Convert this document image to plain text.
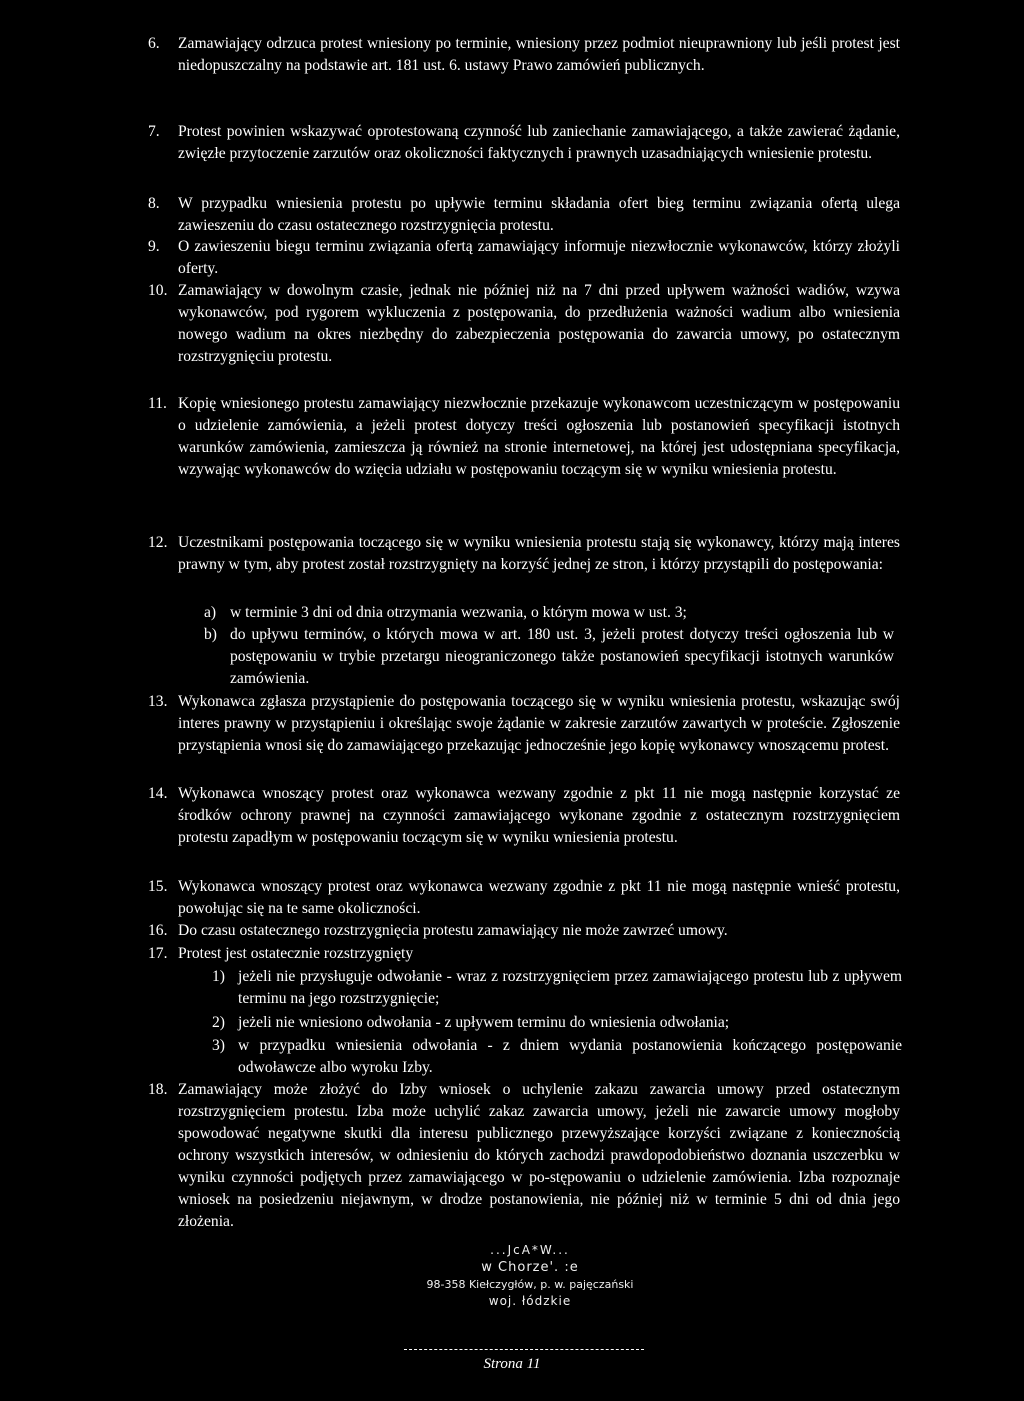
6. Zamawiający odrzuca protest wniesiony po terminie, wniesiony przez podmiot nieuprawniony lub jeśli protest jest niedopuszczalny na podstawie art. 181 ust. 6. ustawy Prawo zamówień publicznych.
7. Protest powinien wskazywać oprotestowaną czynność lub zaniechanie zamawiającego, a także zawierać żądanie, zwięzłe przytoczenie zarzutów oraz okoliczności faktycznych i prawnych uzasadniających wniesienie protestu.
8. W przypadku wniesienia protestu po upływie terminu składania ofert bieg terminu związania ofertą ulega zawieszeniu do czasu ostatecznego rozstrzygnięcia protestu.
9. O zawieszeniu biegu terminu związania ofertą zamawiający informuje niezwłocznie wykonawców, którzy złożyli oferty.
10. Zamawiający w dowolnym czasie, jednak nie później niż na 7 dni przed upływem ważności wadiów, wzywa wykonawców, pod rygorem wykluczenia z postępowania, do przedłużenia ważności wadium albo wniesienia nowego wadium na okres niezbędny do zabezpieczenia postępowania do zawarcia umowy, po ostatecznym rozstrzygnięciu protestu.
11. Kopię wniesionego protestu zamawiający niezwłocznie przekazuje wykonawcom uczestniczącym w postępowaniu o udzielenie zamówienia, a jeżeli protest dotyczy treści ogłoszenia lub postanowień specyfikacji istotnych warunków zamówienia, zamieszcza ją również na stronie internetowej, na której jest udostępniana specyfikacja, wzywając wykonawców do wzięcia udziału w postępowaniu toczącym się w wyniku wniesienia protestu.
12. Uczestnikami postępowania toczącego się w wyniku wniesienia protestu stają się wykonawcy, którzy mają interes prawny w tym, aby protest został rozstrzygnięty na korzyść jednej ze stron, i którzy przystąpili do postępowania:
a) w terminie 3 dni od dnia otrzymania wezwania, o którym mowa w ust. 3;
b) do upływu terminów, o których mowa w art. 180 ust. 3, jeżeli protest dotyczy treści ogłoszenia lub w postępowaniu w trybie przetargu nieograniczonego także postanowień specyfikacji istotnych warunków zamówienia.
13. Wykonawca zgłasza przystąpienie do postępowania toczącego się w wyniku wniesienia protestu, wskazując swój interes prawny w przystąpieniu i określając swoje żądanie w zakresie zarzutów zawartych w proteście. Zgłoszenie przystąpienia wnosi się do zamawiającego przekazując jednocześnie jego kopię wykonawcy wnoszącemu protest.
14. Wykonawca wnoszący protest oraz wykonawca wezwany zgodnie z pkt 11 nie mogą następnie korzystać ze środków ochrony prawnej na czynności zamawiającego wykonane zgodnie z ostatecznym rozstrzygnięciem protestu zapadłym w postępowaniu toczącym się w wyniku wniesienia protestu.
15. Wykonawca wnoszący protest oraz wykonawca wezwany zgodnie z pkt 11 nie mogą następnie wnieść protestu, powołując się na te same okoliczności.
16. Do czasu ostatecznego rozstrzygnięcia protestu zamawiający nie może zawrzeć umowy.
17. Protest jest ostatecznie rozstrzygnięty
1) jeżeli nie przysługuje odwołanie - wraz z rozstrzygnięciem przez zamawiającego protestu lub z upływem terminu na jego rozstrzygnięcie;
2) jeżeli nie wniesiono odwołania - z upływem terminu do wniesienia odwołania;
3) w przypadku wniesienia odwołania - z dniem wydania postanowienia kończącego postępowanie odwoławcze albo wyroku Izby.
18. Zamawiający może złożyć do Izby wniosek o uchylenie zakazu zawarcia umowy przed ostatecznym rozstrzygnięciem protestu. Izba może uchylić zakaz zawarcia umowy, jeżeli nie zawarcie umowy mogłoby spowodować negatywne skutki dla interesu publicznego przewyższające korzyści związane z koniecznością ochrony wszystkich interesów, w odniesieniu do których zachodzi prawdopodobieństwo doznania uszczerbku w wyniku czynności podjętych przez zamawiającego w po-stępowaniu o udzielenie zamówienia. Izba rozpoznaje wniosek na posiedzeniu niejawnym, w drodze postanowienia, nie później niż w terminie 5 dni od dnia jego złożenia.
...JcA*W...
w Chorze'. :e
98-358 Kiełczygłów, p. w. pajęczański
woj. łódzkie
Strona 11
